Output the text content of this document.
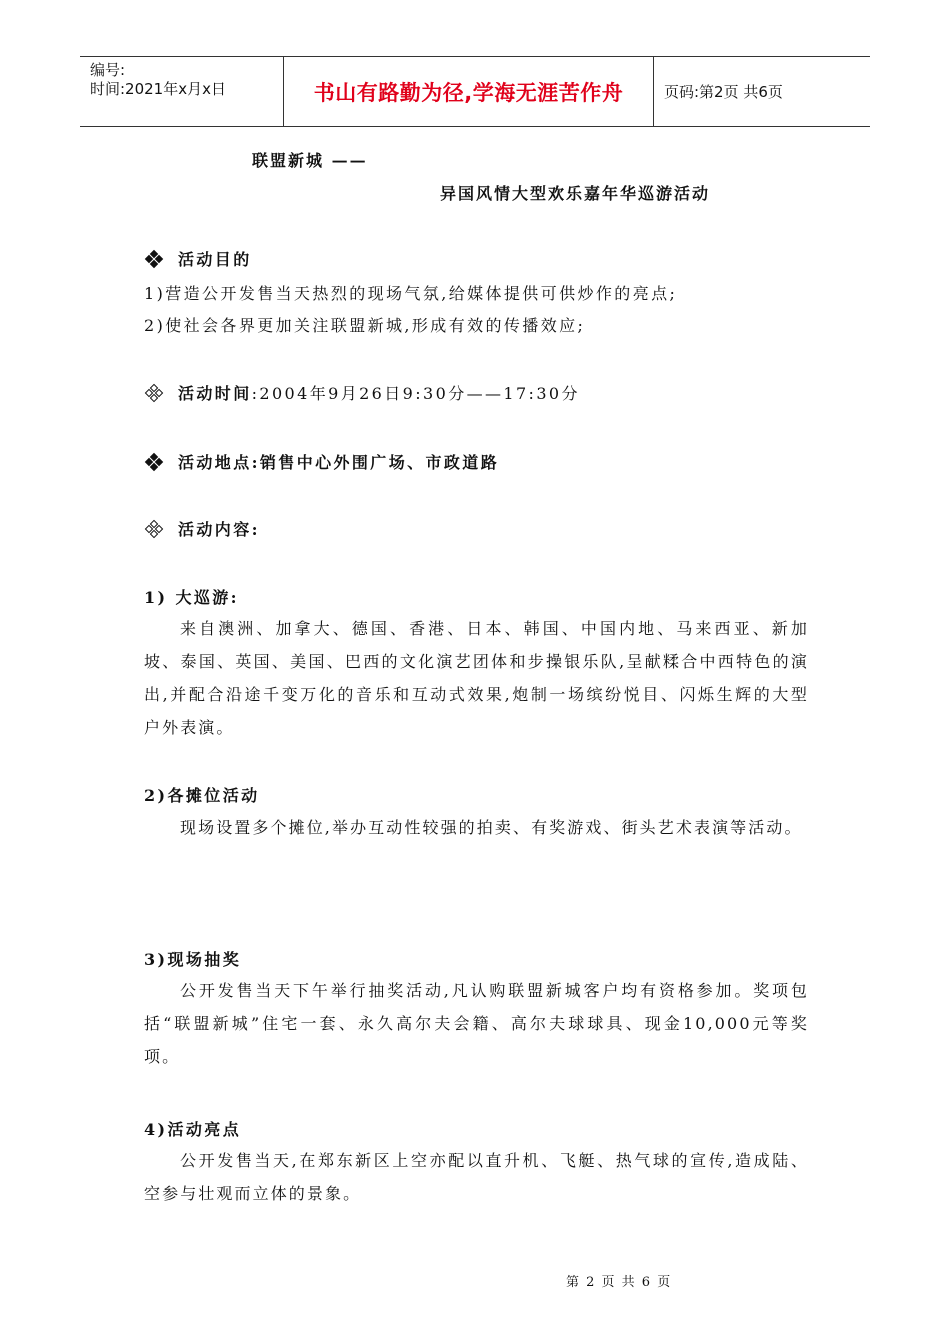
编号:
时间:2021年x月x日	书山有路勤为径,学海无涯苦作舟	页码:第2页 共6页
联盟新城 ——
异国风情大型欢乐嘉年华巡游活动
活动目的
1)营造公开发售当天热烈的现场气氛,给媒体提供可供炒作的亮点;
2)使社会各界更加关注联盟新城,形成有效的传播效应;
活动时间 :2004年9月26日9:30分——17:30分
活动地点:销售中心外围广场、市政道路
活动内容:
1) 大巡游:
来自澳洲、加拿大、德国、香港、日本、韩国、中国内地、马来西亚、新加坡、泰国、英国、美国、巴西的文化演艺团体和步操银乐队,呈献糅合中西特色的演出,并配合沿途千变万化的音乐和互动式效果,炮制一场缤纷悦目、闪烁生辉的大型户外表演。
2)各摊位活动
现场设置多个摊位,举办互动性较强的拍卖、有奖游戏、街头艺术表演等活动。
3)现场抽奖
公开发售当天下午举行抽奖活动,凡认购联盟新城客户均有资格参加。奖项包括“联盟新城”住宅一套、永久高尔夫会籍、高尔夫球球具、现金10,000元等奖项。
4)活动亮点
公开发售当天,在郑东新区上空亦配以直升机、飞艇、热气球的宣传,造成陆、空参与壮观而立体的景象。
第 2 页 共 6 页
